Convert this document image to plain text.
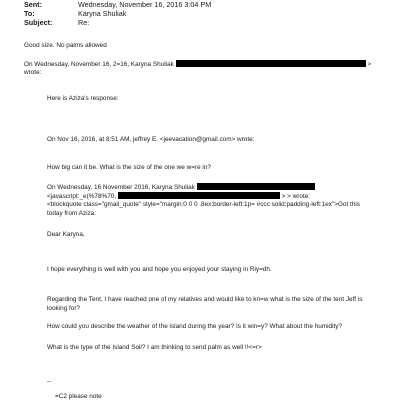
Sent:	Wednesday, November 16, 2016 3:04 PM
To:	Karyna Shuliak
Subject:	Re:
Good size. No palms allowed
On Wednesday, November 16, 2=16, Karyna Shuliak	>
wrote:
Here is Aziza's response:
On Nov 16, 2016, at 8:51 AM, jeffrey E. <jeevacation@gmail.com> wrote:
How big can it be. What is the size of the one we w=re in?
On Wednesday, 16 November 2016, Karyna Shuliak
<javascript:_e(%78%70,	> > wrote:
<blockquote class="gmail_quote" style="margin:0 0 0 .8ex;border-left:1p= #ccc solid;padding-left:1ex">Got this
today from Aziza:
Dear Karyna,
I hope everything is well with you and hope you enjoyed your staying in Riy=dh.
Regarding the Tent, I have reached one of my relatives and would like to kn=w what is the size of the tent Jeff is looking for?
How could you describe the weather of the island during the year? Is it win=y? What about the humidity?
What is the type of the Island Soil? I am thinking to send palm as well !!<=r>
--
=C2 please note
